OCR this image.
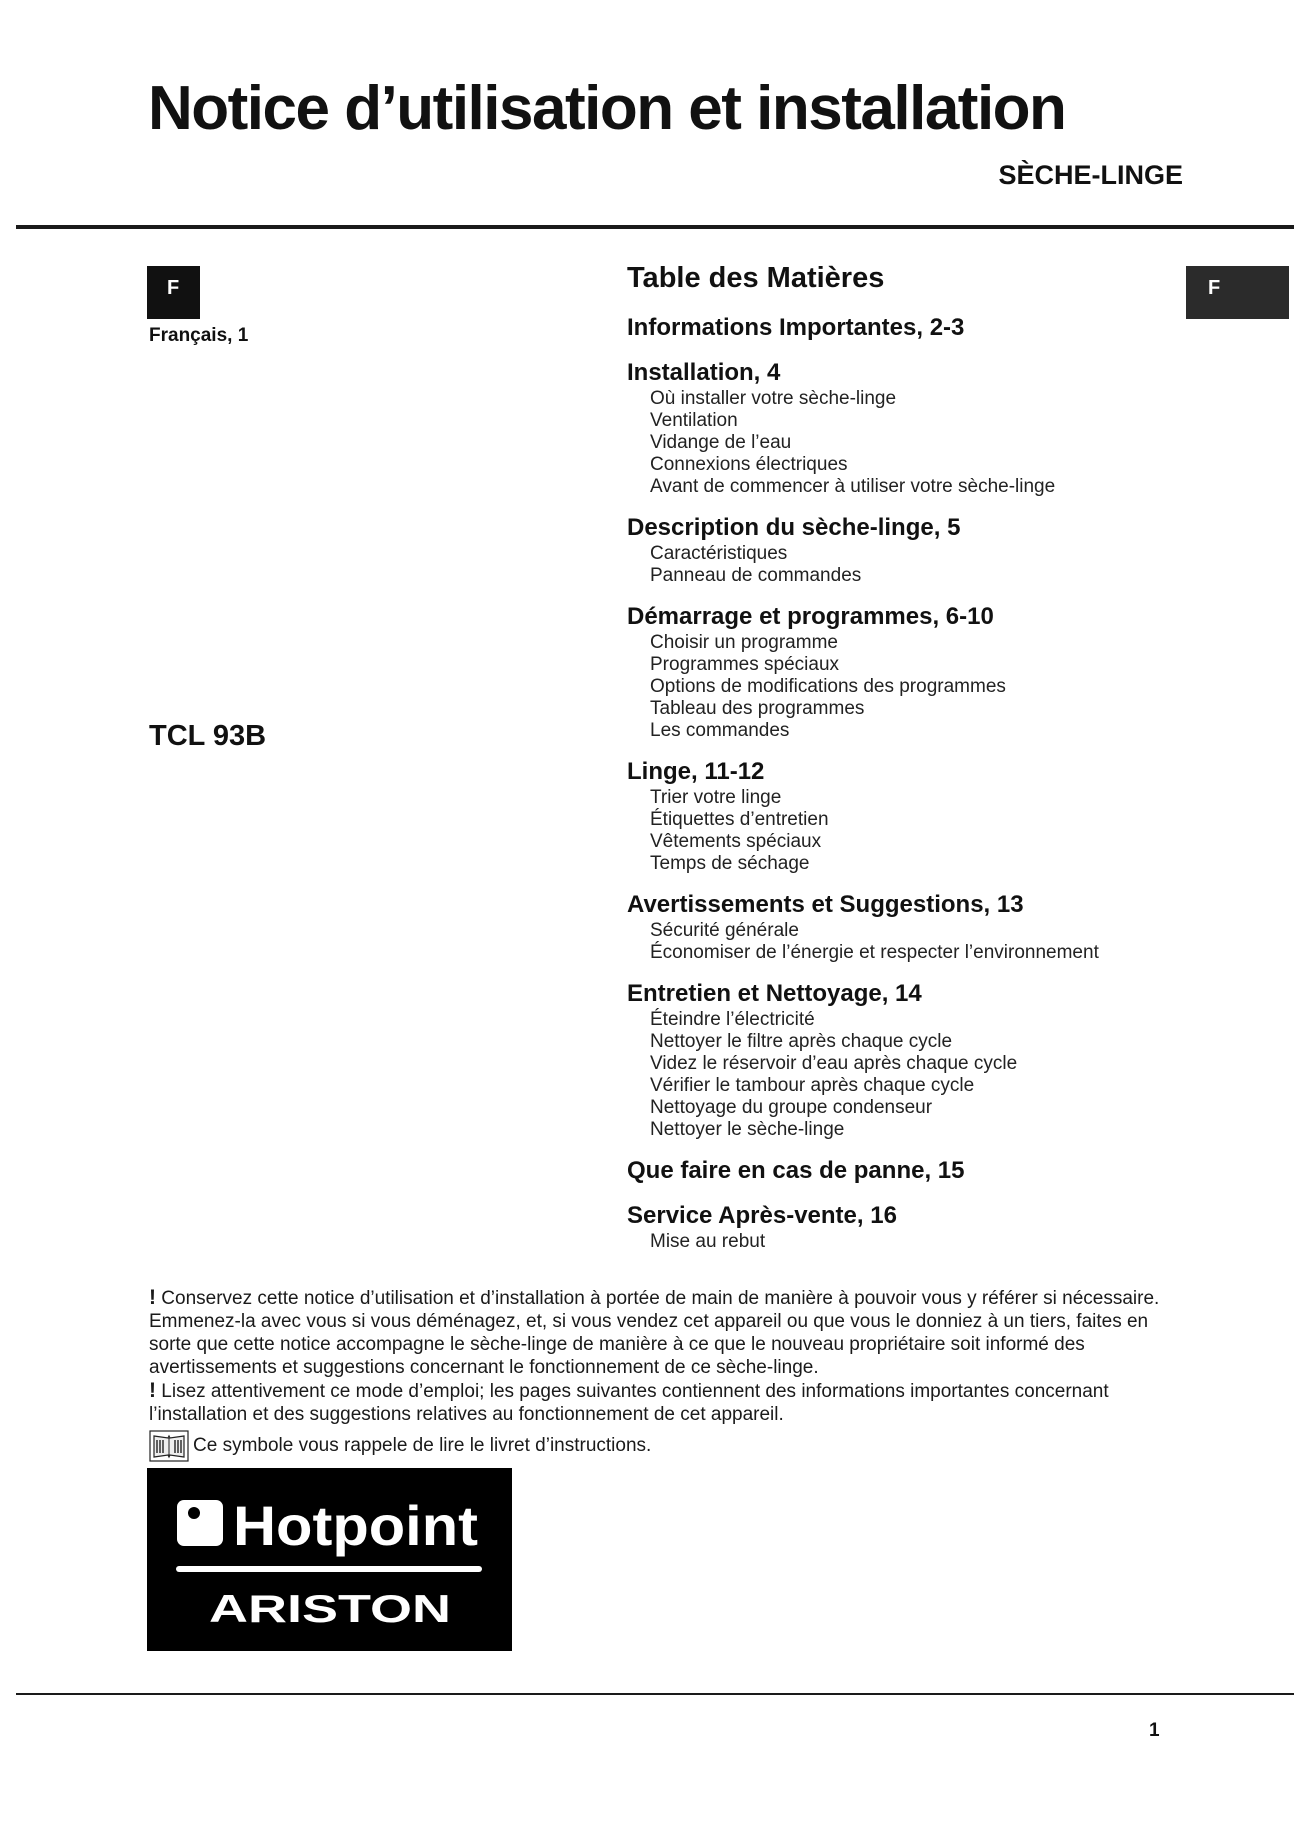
Notice d’utilisation et installation
SÈCHE-LINGE
F
Français, 1
TCL 93B
F
Table des Matières
Informations Importantes, 2-3
Installation, 4
Où installer votre sèche-linge
Ventilation
Vidange de l’eau
Connexions électriques
Avant de commencer à utiliser votre sèche-linge
Description du sèche-linge, 5
Caractéristiques
Panneau de commandes
Démarrage et programmes, 6-10
Choisir un programme
Programmes spéciaux
Options de modifications des programmes
Tableau des programmes
Les commandes
Linge, 11-12
Trier votre linge
Étiquettes d’entretien
Vêtements spéciaux
Temps de séchage
Avertissements et Suggestions, 13
Sécurité générale
Économiser de l’énergie et respecter l’environnement
Entretien et Nettoyage, 14
Éteindre l’électricité
Nettoyer le filtre après chaque cycle
Videz le réservoir d’eau après chaque cycle
Vérifier le tambour après chaque cycle
Nettoyage du groupe condenseur
Nettoyer le sèche-linge
Que faire en cas de panne, 15
Service Après-vente, 16
Mise au rebut

! Conservez cette notice d’utilisation et d’installation à portée de main de manière à pouvoir vous y référer si nécessaire. Emmenez-la avec vous si vous déménagez, et, si vous vendez cet appareil ou que vous le donniez à un tiers, faites en sorte que cette notice accompagne le sèche-linge de manière à ce que le nouveau propriétaire soit informé des avertissements et suggestions concernant le fonctionnement de ce sèche-linge.

! Lisez attentivement ce mode d’emploi; les pages suivantes contiennent des informations importantes concernant l’installation et des suggestions relatives au fonctionnement de cet appareil.

Ce symbole vous rappele de lire le livret d’instructions.
Hotpoint
ARISTON
1
